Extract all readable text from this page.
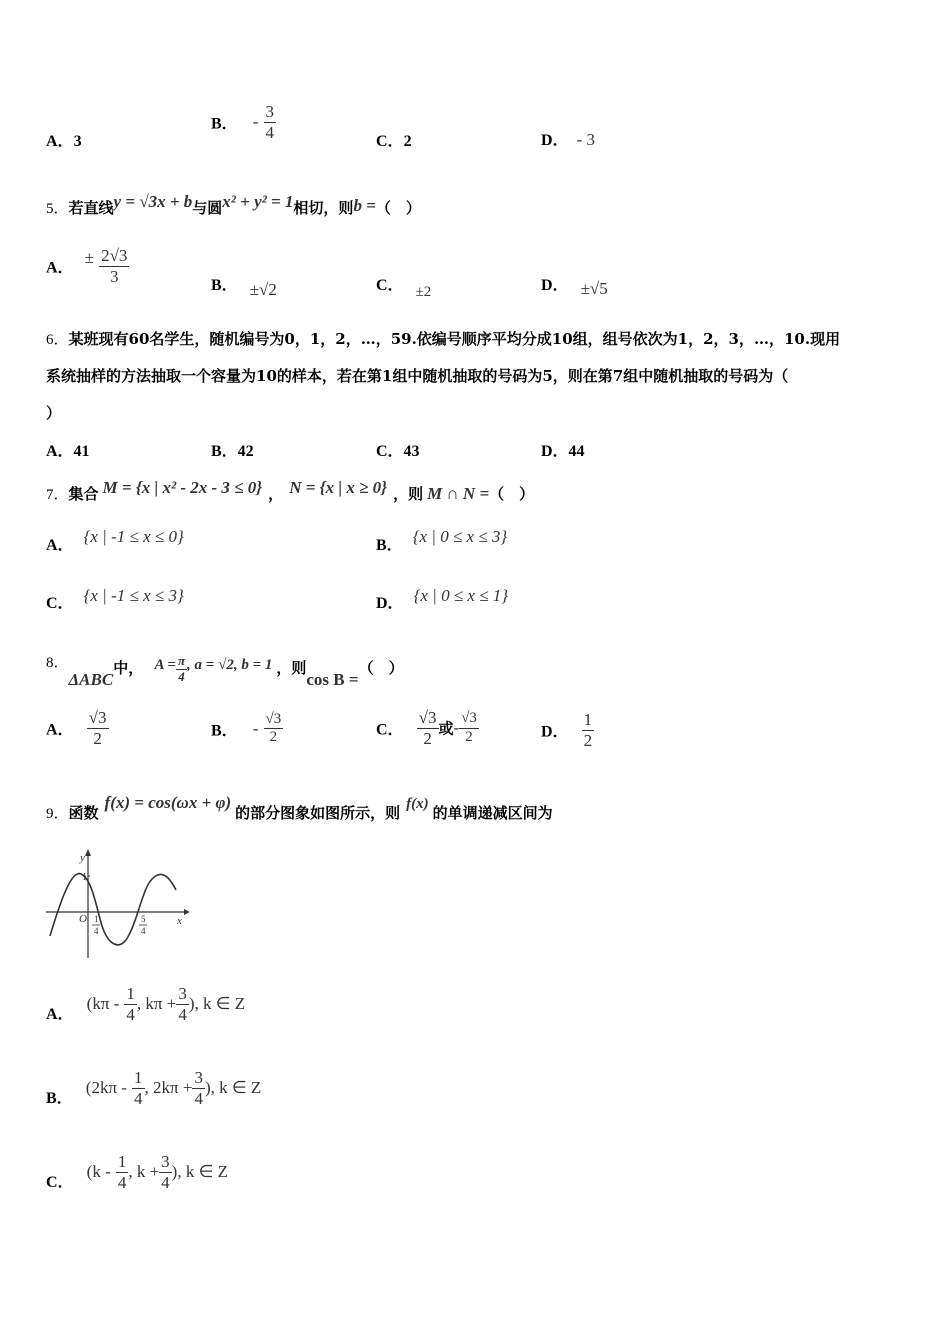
A．3
B． - $\frac{3}{4}$	C．2	D． - 3
5．若直线y = √3x + b与圆x² + y² = 1相切，则b =（　）
A． ± $\frac{2√3}{3}$	B． ±√2	C． ±2	D． ±√5
6．某班现有60名学生，随机编号为0，1，2，…，59.依编号顺序平均分成10组，组号依次为1，2，3，…，10.现用
系统抽样的方法抽取一个容量为10的样本，若在第1组中随机抽取的号码为5，则在第7组中随机抽取的号码为（
）
A．41	B．42	C．43	D．44
7．集合 M = {x | x² - 2x - 3 ≤ 0} ， N = {x | x ≥ 0} ，则 M ∩ N =（　）
A． {x | -1 ≤ x ≤ 0}	B． {x | 0 ≤ x ≤ 3}
C． {x | -1 ≤ x ≤ 3}	D． {x | 0 ≤ x ≤ 1}
8．ΔABC中， $A = \frac{\pi}{4}$ , a = √2, b = 1 ，则cos B =（　）
A． $\frac{√3}{2}$	B． - $\frac{√3}{2}$	C． $\frac{√3}{2}$ 或- $\frac{√3}{2}$	D． $\frac{1}{2}$
9．函数f(x) = cos(ωx + φ)的部分图象如图所示，则 f(x) 的单调递减区间为
y
x
O
1
1
4
5
4
A． ($k\pi - \frac{1}{4}$ , $k\pi + \frac{3}{4}$ ), k ∈ Z
B． ($2k\pi - \frac{1}{4}$ , $2k\pi + \frac{3}{4}$ ), k ∈ Z
C． ($k - \frac{1}{4}$ , $k + \frac{3}{4}$ ), k ∈ Z
